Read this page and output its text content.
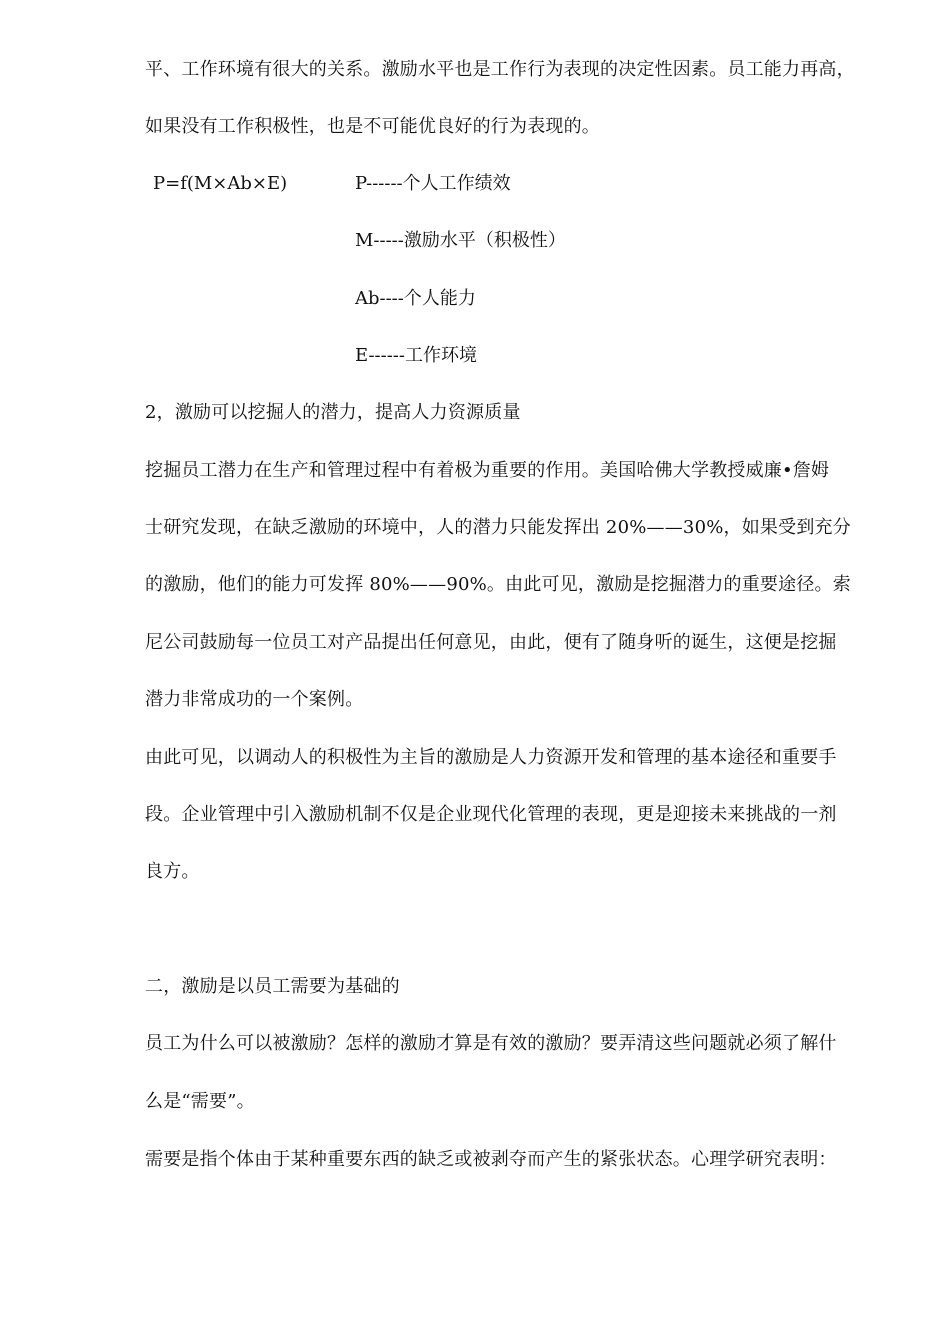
平、工作环境有很大的关系。激励水平也是工作行为表现的决定性因素。员工能力再高，
如果没有工作积极性，也是不可能优良好的行为表现的。
P=f(M×Ab×E)	P------个人工作绩效
M-----激励水平（积极性）
Ab----个人能力
E------工作环境
2，激励可以挖掘人的潜力，提高人力资源质量
挖掘员工潜力在生产和管理过程中有着极为重要的作用。美国哈佛大学教授威廉•詹姆
士研究发现，在缺乏激励的环境中，人的潜力只能发挥出 20%——30%，如果受到充分
的激励，他们的能力可发挥 80%——90%。由此可见，激励是挖掘潜力的重要途径。索
尼公司鼓励每一位员工对产品提出任何意见，由此，便有了随身听的诞生，这便是挖掘
潜力非常成功的一个案例。
由此可见，以调动人的积极性为主旨的激励是人力资源开发和管理的基本途径和重要手
段。企业管理中引入激励机制不仅是企业现代化管理的表现，更是迎接未来挑战的一剂
良方。
二，激励是以员工需要为基础的
员工为什么可以被激励？怎样的激励才算是有效的激励？要弄清这些问题就必须了解什
么是“需要”。
需要是指个体由于某种重要东西的缺乏或被剥夺而产生的紧张状态。心理学研究表明：
